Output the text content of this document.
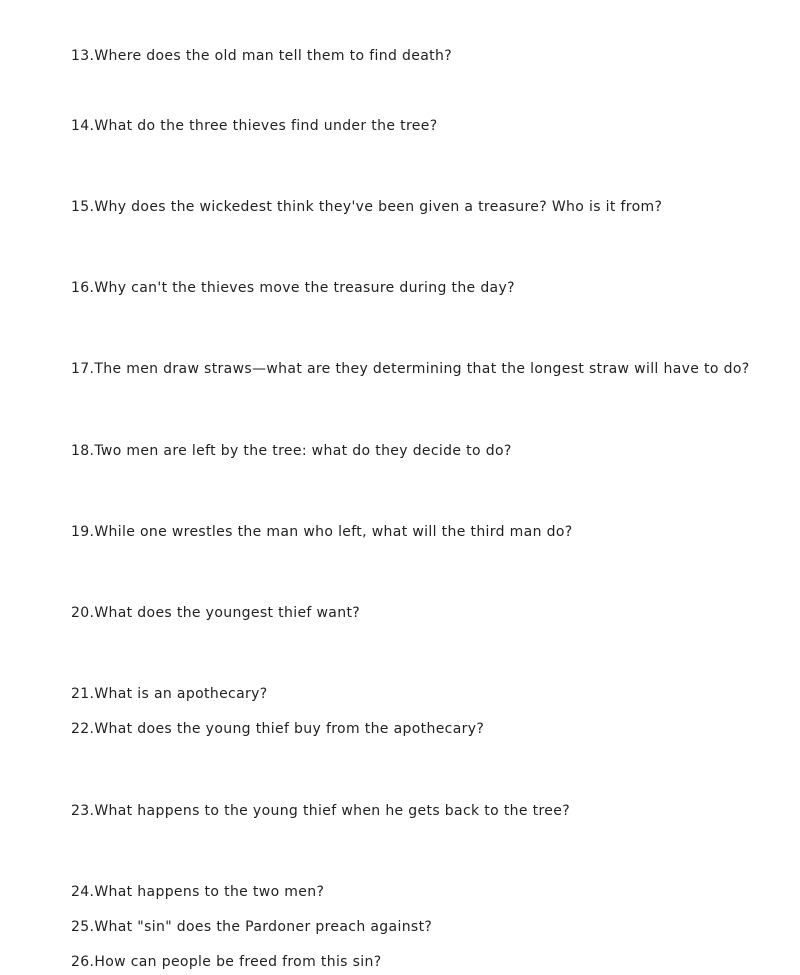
13.Where does the old man tell them to find death?

14.What do the three thieves find under the tree?

15.Why does the wickedest think they've been given a treasure? Who is it from?

16.Why can't the thieves move the treasure during the day?

17.The men draw straws—what are they determining that the longest straw will have to do?

18.Two men are left by the tree: what do they decide to do?

19.While one wrestles the man who left, what will the third man do?

20.What does the youngest thief want?

21.What is an apothecary?

22.What does the young thief buy from the apothecary?

23.What happens to the young thief when he gets back to the tree?

24.What happens to the two men?

25.What "sin" does the Pardoner preach against?

26.How can people be freed from this sin?
